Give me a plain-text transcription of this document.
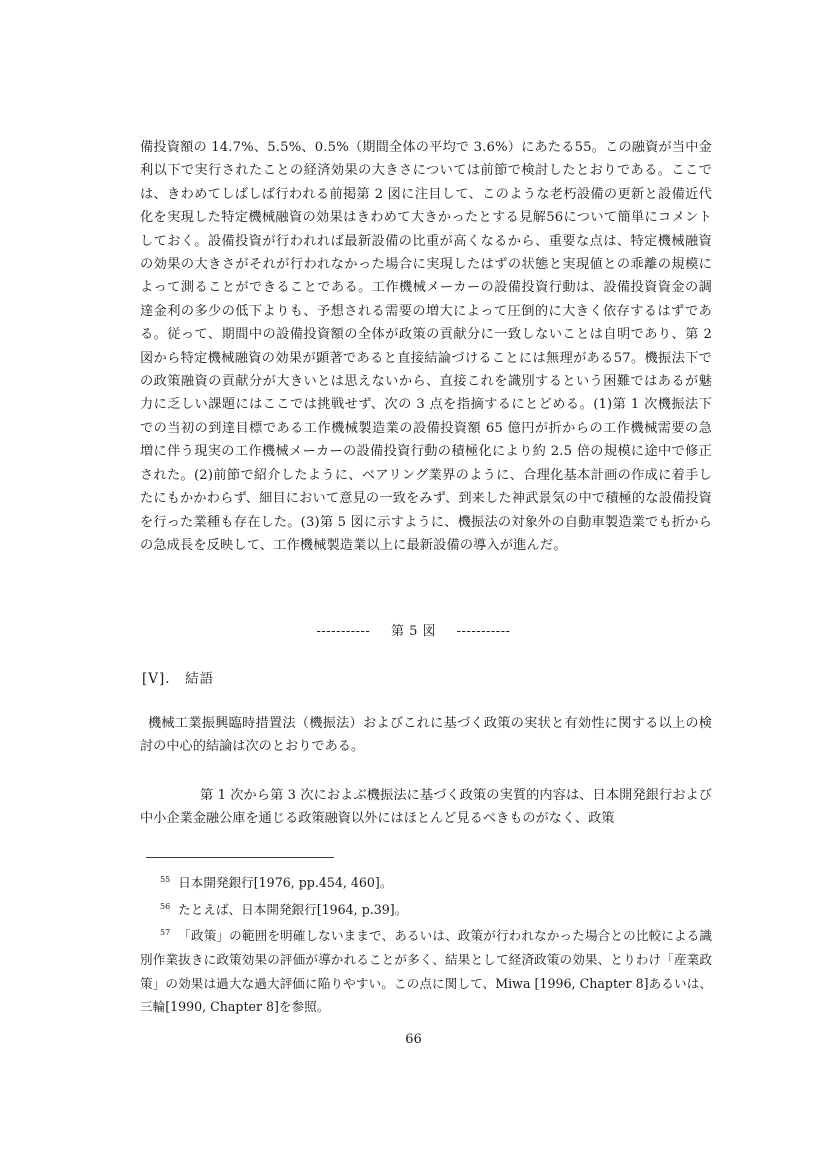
備投資額の 14.7%、5.5%、0.5%（期間全体の平均で 3.6%）にあたる55。この融資が当中金利以下で実行されたことの経済効果の大きさについては前節で検討したとおりである。ここでは、きわめてしばしば行われる前掲第 2 図に注目して、このような老朽設備の更新と設備近代化を実現した特定機械融資の効果はきわめて大きかったとする見解56について簡単にコメントしておく。設備投資が行われれば最新設備の比重が高くなるから、重要な点は、特定機械融資の効果の大きさがそれが行われなかった場合に実現したはずの状態と実現値との乖離の規模によって測ることができることである。工作機械メーカーの設備投資行動は、設備投資資金の調達金利の多少の低下よりも、予想される需要の増大によって圧倒的に大きく依存するはずである。従って、期間中の設備投資額の全体が政策の貢献分に一致しないことは自明であり、第 2 図から特定機械融資の効果が顕著であると直接結論づけることには無理がある57。機振法下での政策融資の貢献分が大きいとは思えないから、直接これを識別するという困難ではあるが魅力に乏しい課題にはここでは挑戦せず、次の 3 点を指摘するにとどめる。(1)第 1 次機振法下での当初の到達目標である工作機械製造業の設備投資額 65 億円が折からの工作機械需要の急増に伴う現実の工作機械メーカーの設備投資行動の積極化により約 2.5 倍の規模に途中で修正された。(2)前節で紹介したように、ベアリング業界のように、合理化基本計画の作成に着手したにもかかわらず、細目において意見の一致をみず、到来した神武景気の中で積極的な設備投資を行った業種も存在した。(3)第 5 図に示すように、機振法の対象外の自動車製造業でも折からの急成長を反映して、工作機械製造業以上に最新設備の導入が進んだ。

----------- 第 5 図 -----------
[V].　結語

機械工業振興臨時措置法（機振法）およびこれに基づく政策の実状と有効性に関する以上の検討の中心的結論は次のとおりである。

第 1 次から第 3 次におよぶ機振法に基づく政策の実質的内容は、日本開発銀行および中小企業金融公庫を通じる政策融資以外にはほとんど見るべきものがなく、政策

$^{55}$ 日本開発銀行[1976, pp.454, 460]。

$^{56}$ たとえば、日本開発銀行[1964, p.39]。

$^{57}$ 「政策」の範囲を明確しないままで、あるいは、政策が行われなかった場合との比較による識別作業抜きに政策効果の評価が導かれることが多く、結果として経済政策の効果、とりわけ「産業政策」の効果は過大な過大評価に陥りやすい。この点に関して、Miwa [1996, Chapter 8]あるいは、三輪[1990, Chapter 8]を参照。

66
